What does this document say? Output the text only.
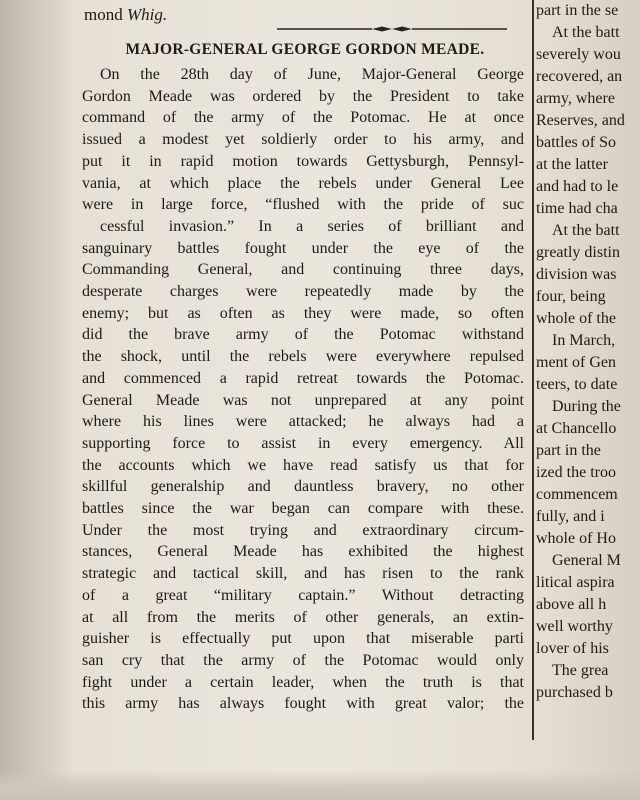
mond Whig.
MAJOR-GENERAL GEORGE GORDON MEADE.
On the 28th day of June, Major-General George
Gordon Meade was ordered by the President to take
command of the army of the Potomac. He at once
issued a modest yet soldierly order to his army, and
put it in rapid motion towards Gettysburgh, Pennsyl-
vania, at which place the rebels under General Lee
were in large force, “flushed with the pride of suc
cessful invasion.” In a series of brilliant and
sanguinary battles fought under the eye of the
Commanding General, and continuing three days,
desperate charges were repeatedly made by the
enemy; but as often as they were made, so often
did the brave army of the Potomac withstand
the shock, until the rebels were everywhere repulsed
and commenced a rapid retreat towards the Potomac.
General Meade was not unprepared at any point
where his lines were attacked; he always had a
supporting force to assist in every emergency. All
the accounts which we have read satisfy us that for
skillful generalship and dauntless bravery, no other
battles since the war began can compare with these.
Under the most trying and extraordinary circum-
stances, General Meade has exhibited the highest
strategic and tactical skill, and has risen to the rank
of a great “military captain.” Without detracting
at all from the merits of other generals, an extin-
guisher is effectually put upon that miserable parti
san cry that the army of the Potomac would only
fight under a certain leader, when the truth is that
this army has always fought with great valor; the
part in the se
At the batt
severely wou
recovered, an
army, where
Reserves, and
battles of So
at the latter
and had to le
time had cha
At the batt
greatly distin
division was
four, being
whole of the
In March,
ment of Gen
teers, to date
During the
at Chancello
part in the
ized the troo
commencem
fully, and i
whole of Ho
General M
litical aspira
above all h
well worthy
lover of his
The grea
purchased b
